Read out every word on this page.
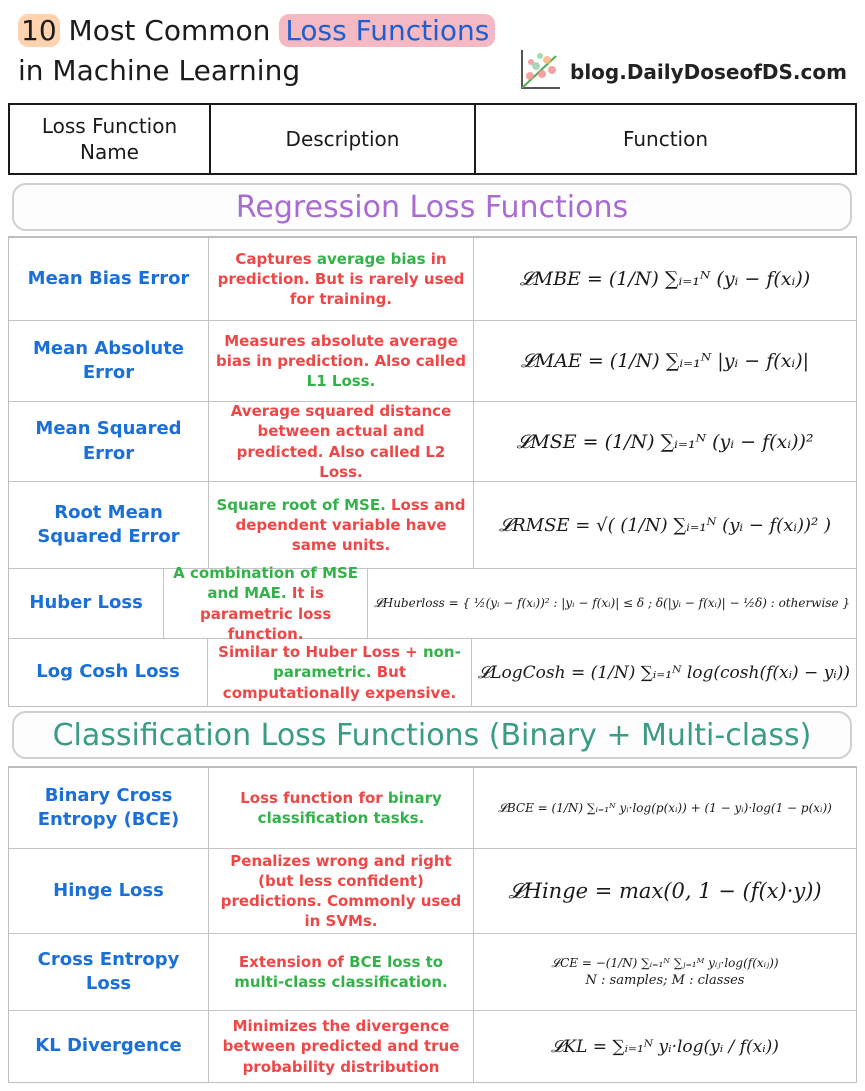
10 Most Common Loss Functions
in Machine Learning	blog.DailyDoseofDS.com
Loss Function Name
Description	Function
Regression Loss Functions
Mean Bias Error
Captures average bias in prediction. But is rarely used for training.
𝓛MBE = (1/N) ∑ᵢ₌₁ᴺ (yᵢ − f(xᵢ))
Mean Absolute Error
Measures absolute average bias in prediction. Also called L1 Loss.
𝓛MAE = (1/N) ∑ᵢ₌₁ᴺ |yᵢ − f(xᵢ)|
Mean Squared Error
Average squared distance between actual and predicted. Also called L2 Loss.
𝓛MSE = (1/N) ∑ᵢ₌₁ᴺ (yᵢ − f(xᵢ))²
Root Mean Squared Error
Square root of MSE. Loss and dependent variable have same units.
𝓛RMSE = √( (1/N) ∑ᵢ₌₁ᴺ (yᵢ − f(xᵢ))² )
Huber Loss
A combination of MSE and MAE. It is parametric loss function.
𝓛Huberloss = { ½(yᵢ − f(xᵢ))² : |yᵢ − f(xᵢ)| ≤ δ ; δ(|yᵢ − f(xᵢ)| − ½δ) : otherwise }
Log Cosh Loss
Similar to Huber Loss + non-parametric. But computationally expensive.
𝓛LogCosh = (1/N) ∑ᵢ₌₁ᴺ log(cosh(f(xᵢ) − yᵢ))
Classification Loss Functions (Binary + Multi-class)
Binary Cross Entropy (BCE)
Loss function for binary classification tasks.
𝓛BCE = (1/N) ∑ᵢ₌₁ᴺ yᵢ·log(p(xᵢ)) + (1 − yᵢ)·log(1 − p(xᵢ))
Hinge Loss
Penalizes wrong and right (but less confident) predictions. Commonly used in SVMs.
𝓛Hinge = max(0, 1 − (f(x)·y))
Cross Entropy Loss
Extension of BCE loss to multi-class classification.
𝓛CE = −(1/N) ∑ᵢ₌₁ᴺ ∑ⱼ₌₁ᴹ yᵢⱼ·log(f(xᵢⱼ))
N : samples; M : classes
KL Divergence
Minimizes the divergence between predicted and true probability distribution
𝓛KL = ∑ᵢ₌₁ᴺ yᵢ·log(yᵢ / f(xᵢ))
